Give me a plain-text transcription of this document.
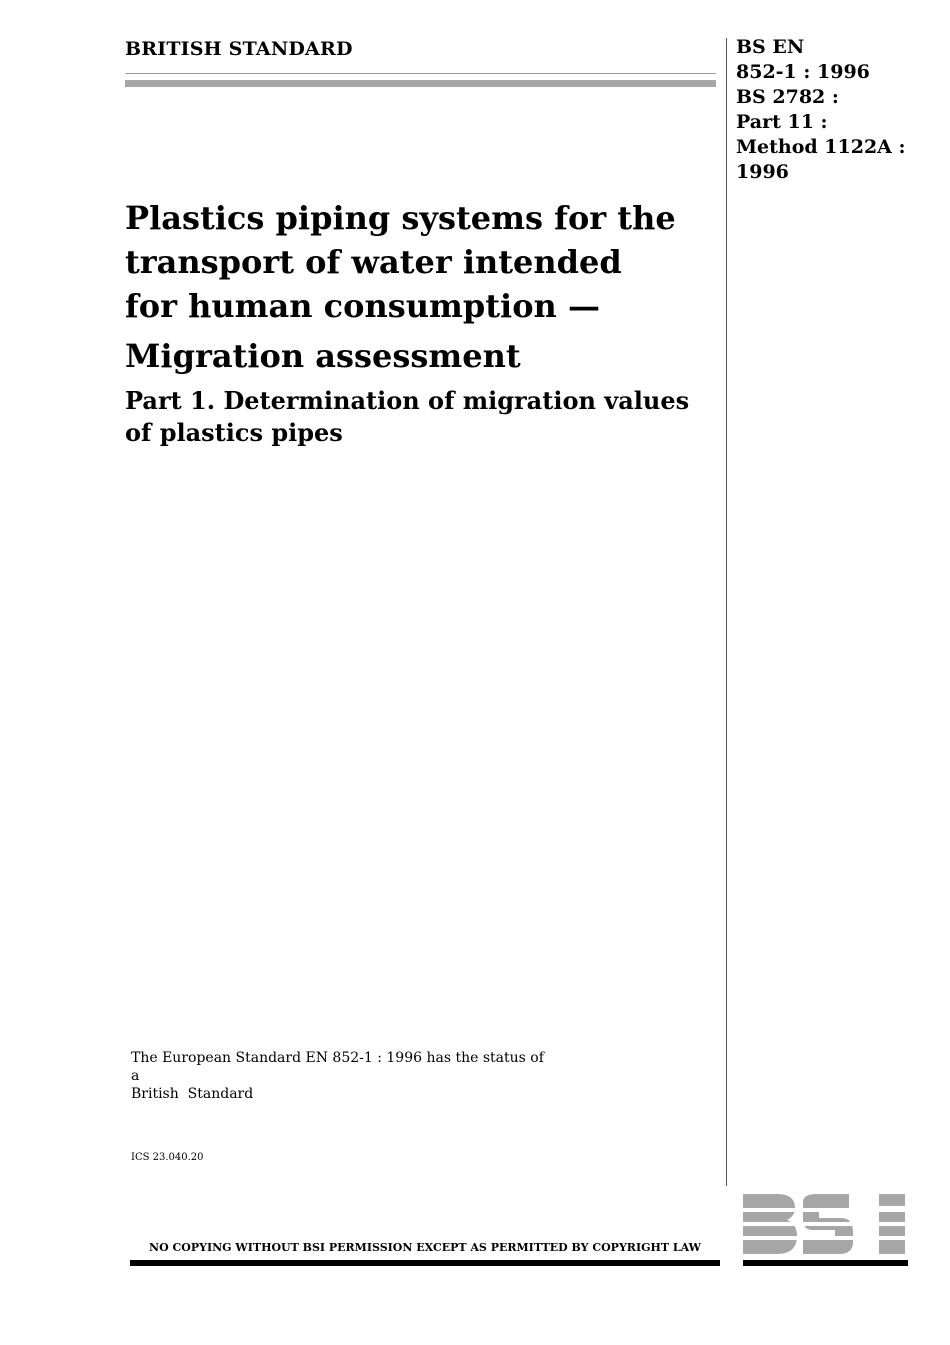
BRITISH STANDARD	BS EN
852-1 : 1996
BS 2782 :
Part 11 :
Method 1122A :
1996
Plastics piping systems for the
transport of water intended
for human consumption —
Migration assessment
Part 1. Determination of migration values
of plastics pipes
The European Standard EN 852-1 : 1996 has the status of a
British  Standard
ICS 23.040.20
BSi
NO COPYING WITHOUT BSI PERMISSION EXCEPT AS PERMITTED BY COPYRIGHT LAW
